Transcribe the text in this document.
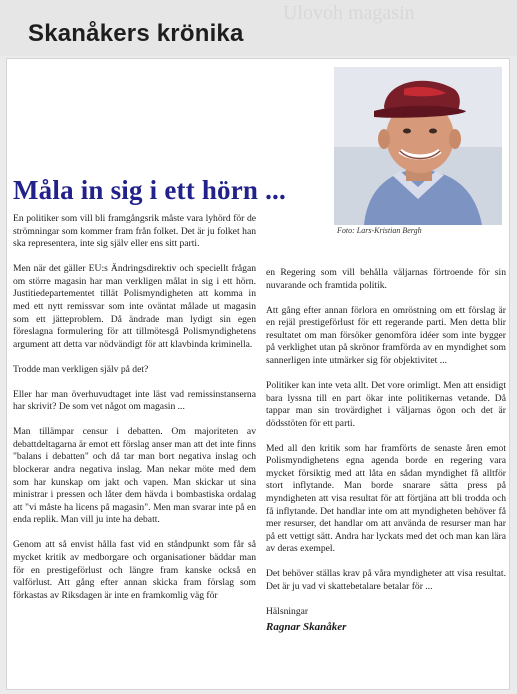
Ulovoh magasin
Skanåkers krönika
Foto: Lars-Kristian Bergh
Måla in sig i ett hörn ...

En politiker som vill bli framgångsrik måste vara lyhörd för de strömningar som kommer fram från folket. Det är ju folket han ska representera, inte sig själv eller ens sitt parti.

Men när det gäller EU:s Ändringsdirektiv och speciellt frågan om större magasin har man verkligen målat in sig i ett hörn. Justitiedepartementet tillät Polismyndigheten att komma in med ett nytt remissvar som inte oväntat målade ut magasin som ett jätteproblem. Då ändrade man lydigt sin egen föreslagna formulering för att tillmötesgå Polismyndighetens argument att detta var nödvändigt för att klavbinda kriminella.

Trodde man verkligen själv på det?

Eller har man överhuvudtaget inte läst vad remissinstanserna har skrivit? De som vet något om magasin ...

Man tillämpar censur i debatten. Om majoriteten av debattdeltagarna är emot ett förslag anser man att det inte finns "balans i debatten" och då tar man bort negativa inslag och blockerar andra negativa inslag. Man nekar möte med dem som har kunskap om jakt och vapen. Man skickar ut sina ministrar i pressen och låter dem hävda i bombastiska ordalag att "vi måste ha licens på magasin". Men man svarar inte på en enda replik. Man vill ju inte ha debatt.

Genom att så envist hålla fast vid en ståndpunkt som får så mycket kritik av medborgare och organisationer bäddar man för en prestigeförlust och längre fram kanske också en valförlust. Att gång efter annan skicka fram förslag som förkastas av Riksdagen är inte en framkomlig väg för

en Regering som vill behålla väljarnas förtroende för sin nuvarande och framtida politik.

Att gång efter annan förlora en omröstning om ett förslag är en rejäl prestigeförlust för ett regerande parti. Men detta blir resultatet om man försöker genomföra idéer som inte bygger på verklighet utan på skrönor framförda av en myndighet som sannerligen inte utmärker sig för objektivitet ...

Politiker kan inte veta allt. Det vore orimligt. Men att ensidigt bara lyssna till en part ökar inte politikernas vetande. Då tappar man sin trovärdighet i väljarnas ögon och det är dödsstöten för ett parti.

Med all den kritik som har framförts de senaste åren emot Polismyndighetens egna agenda borde en regering vara mycket försiktig med att låta en sådan myndighet få alltför stort inflytande. Man borde snarare sätta press på myndigheten att visa resultat för att förtjäna att bli trodda och få inflytande. Det handlar inte om att myndigheten behöver få mer resurser, det handlar om att använda de resurser man har på ett vettigt sätt. Andra har lyckats med det och man kan lära av deras exempel.

Det behöver ställas krav på våra myndigheter att visa resultat. Det är ju vad vi skattebetalare betalar för ...

Hälsningar
Ragnar Skanåker
